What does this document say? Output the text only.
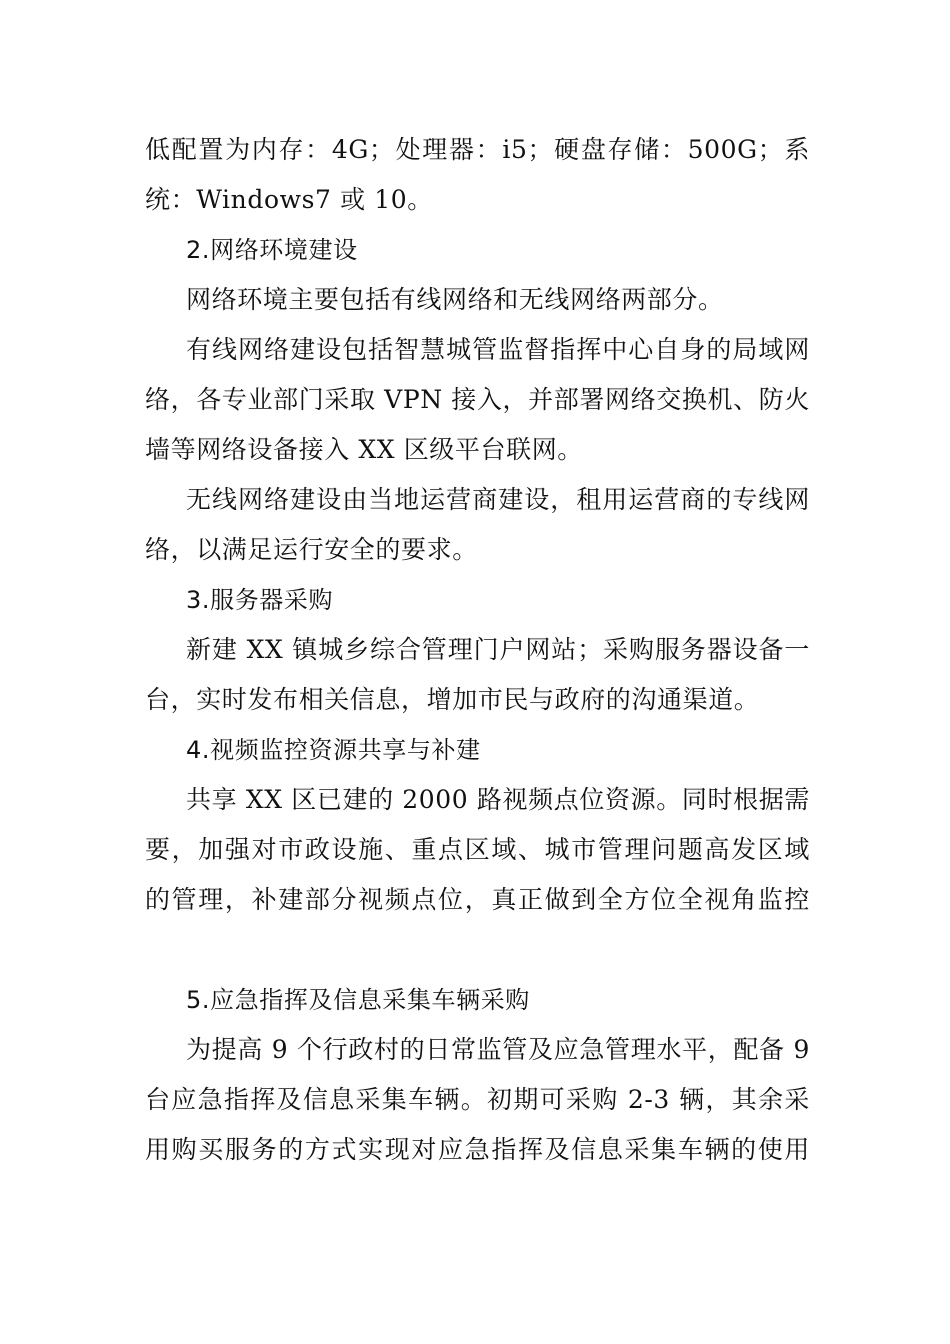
低配置为内存：4G；处理器：i5；硬盘存储：500G；系
统：Windows7 或 10。
2.网络环境建设
网络环境主要包括有线网络和无线网络两部分。
有线网络建设包括智慧城管监督指挥中心自身的局域网
络，各专业部门采取 VPN 接入，并部署网络交换机、防火
墙等网络设备接入 XX 区级平台联网。
无线网络建设由当地运营商建设，租用运营商的专线网
络，以满足运行安全的要求。
3.服务器采购
新建 XX 镇城乡综合管理门户网站；采购服务器设备一
台，实时发布相关信息，增加市民与政府的沟通渠道。
4.视频监控资源共享与补建
共享 XX 区已建的 2000 路视频点位资源。同时根据需
要，加强对市政设施、重点区域、城市管理问题高发区域
的管理，补建部分视频点位，真正做到全方位全视角监控
5.应急指挥及信息采集车辆采购
为提高 9 个行政村的日常监管及应急管理水平，配备 9
台应急指挥及信息采集车辆。初期可采购 2-3 辆，其余采
用购买服务的方式实现对应急指挥及信息采集车辆的使用
